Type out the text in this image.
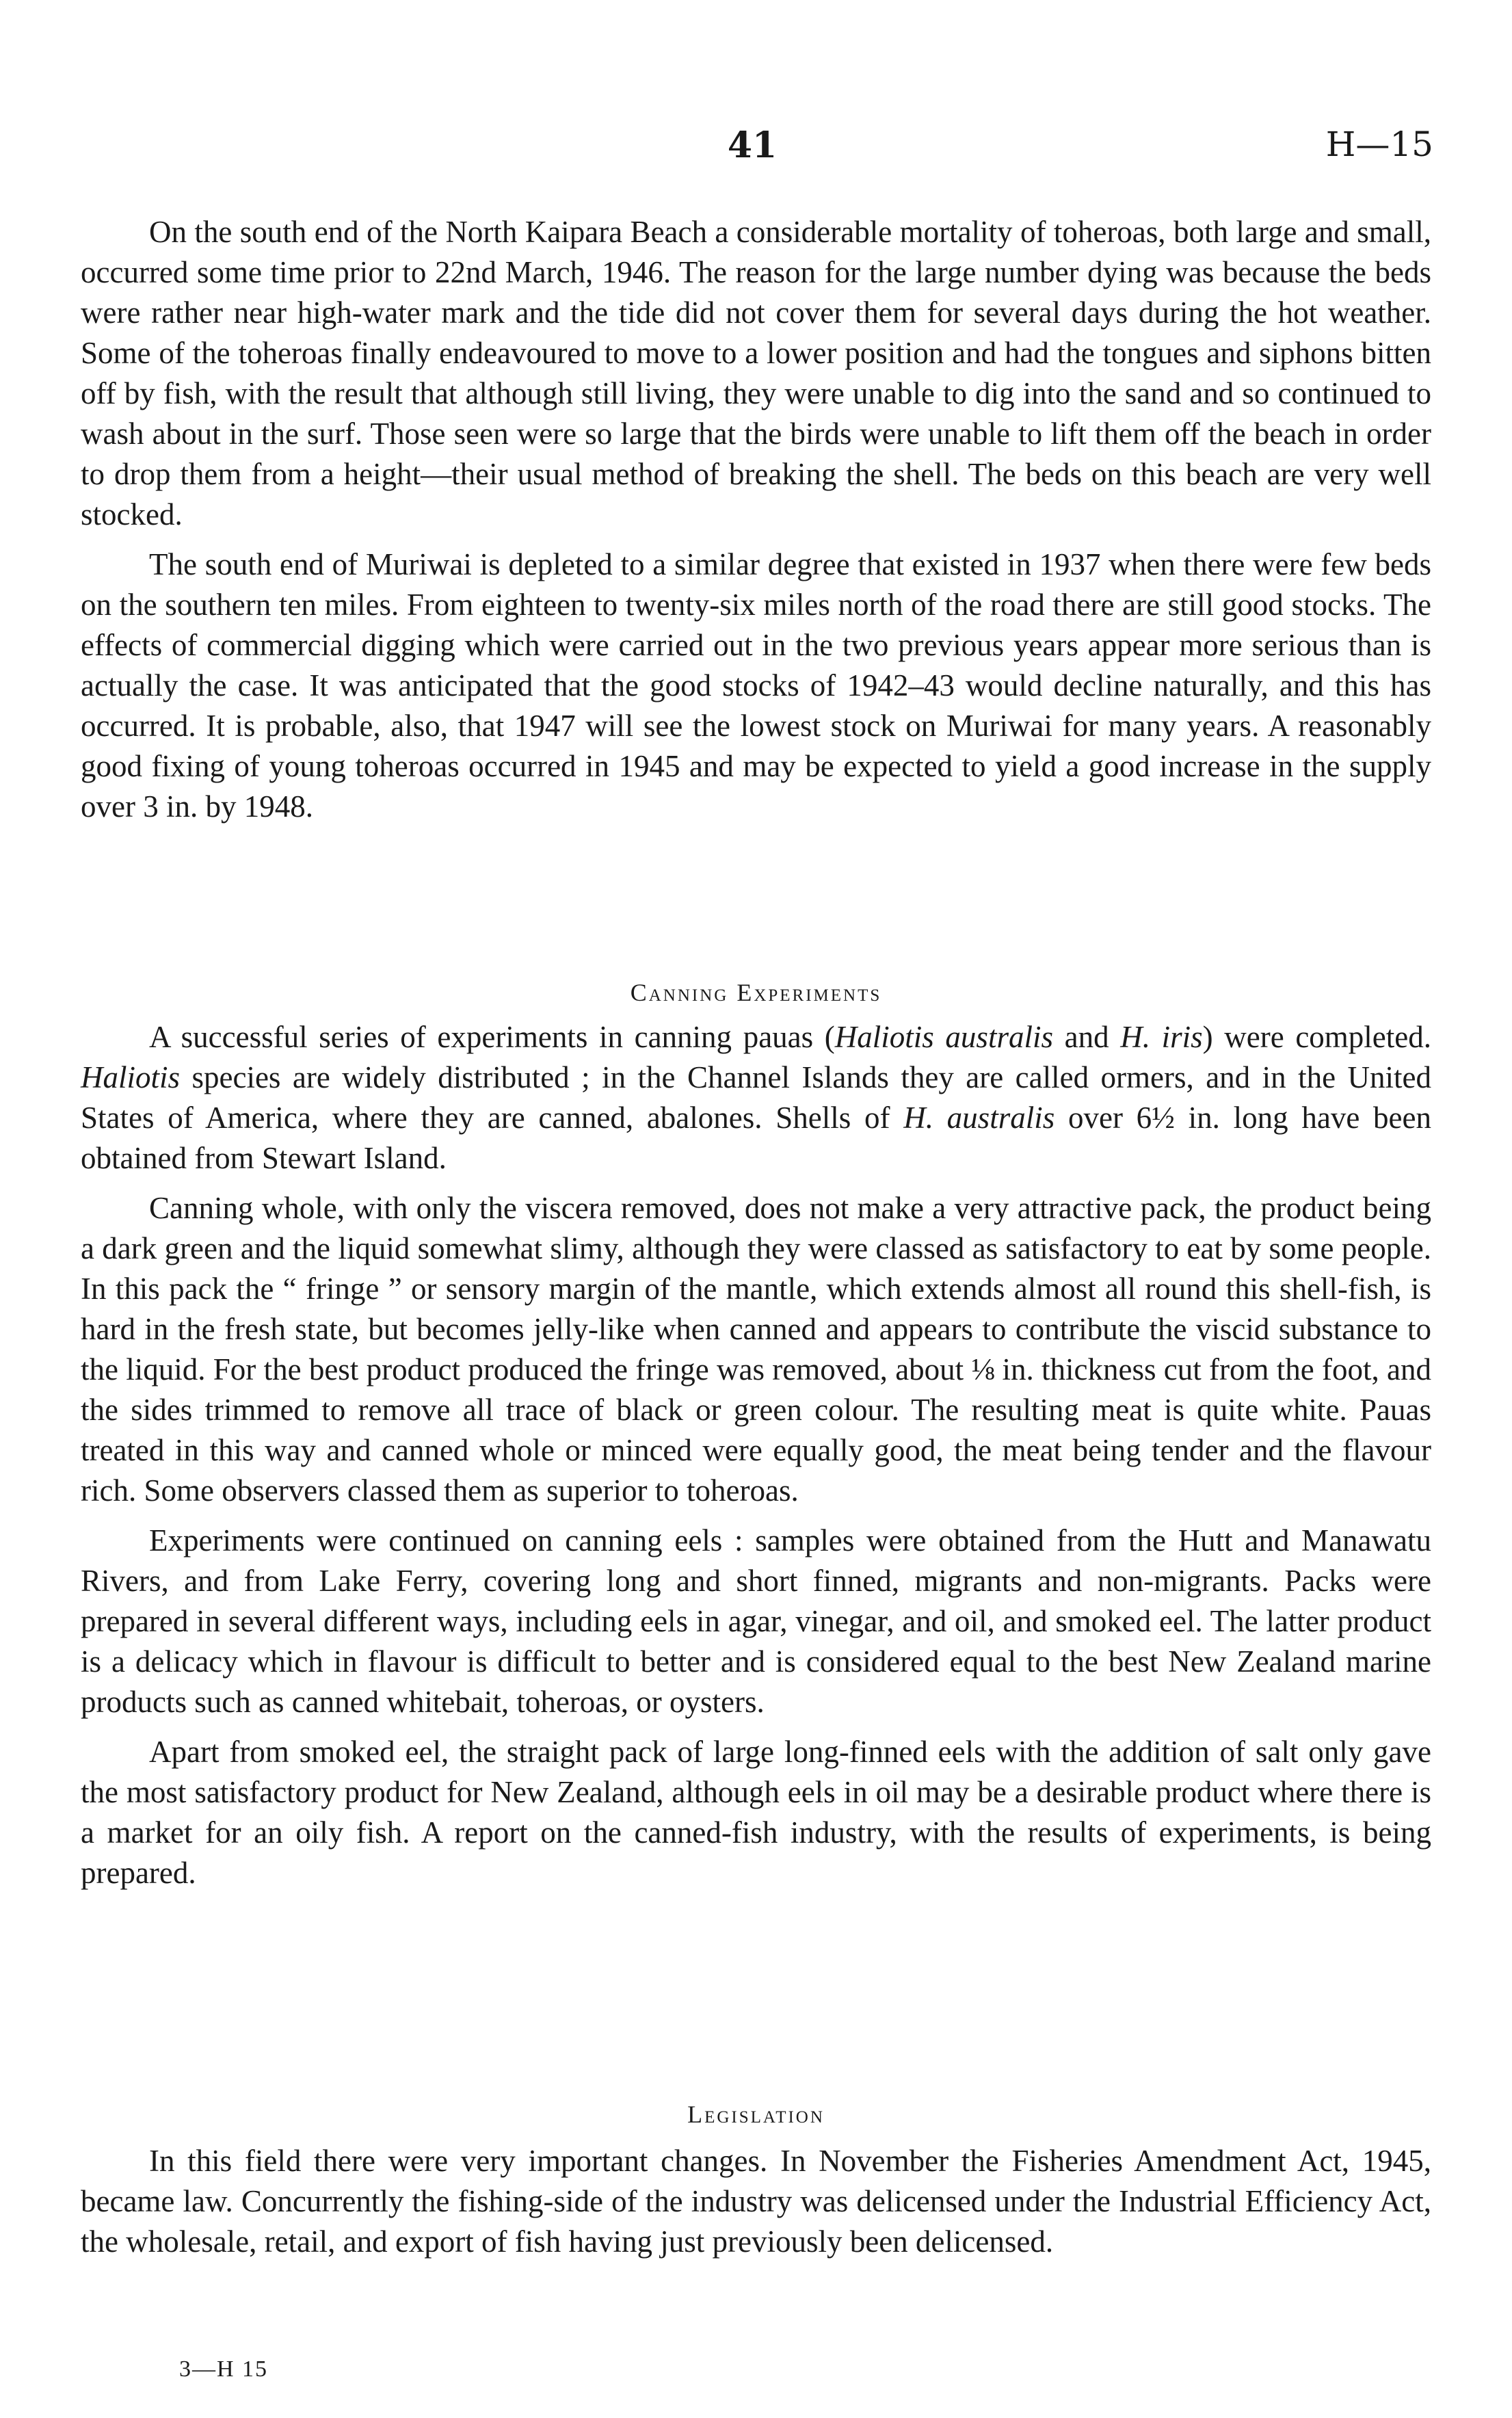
41	H—15

On the south end of the North Kaipara Beach a considerable mortality of toheroas, both large and small, occurred some time prior to 22nd March, 1946. The reason for the large number dying was because the beds were rather near high-water mark and the tide did not cover them for several days during the hot weather. Some of the toheroas finally endeavoured to move to a lower position and had the tongues and siphons bitten off by fish, with the result that although still living, they were unable to dig into the sand and so continued to wash about in the surf. Those seen were so large that the birds were unable to lift them off the beach in order to drop them from a height—their usual method of breaking the shell. The beds on this beach are very well stocked.

The south end of Muriwai is depleted to a similar degree that existed in 1937 when there were few beds on the southern ten miles. From eighteen to twenty-six miles north of the road there are still good stocks. The effects of commercial digging which were carried out in the two previous years appear more serious than is actually the case. It was anticipated that the good stocks of 1942–43 would decline naturally, and this has occurred. It is probable, also, that 1947 will see the lowest stock on Muriwai for many years. A reasonably good fixing of young toheroas occurred in 1945 and may be expected to yield a good increase in the supply over 3 in. by 1948.

Canning Experiments

A successful series of experiments in canning pauas (Haliotis australis and H. iris) were completed. Haliotis species are widely distributed ; in the Channel Islands they are called ormers, and in the United States of America, where they are canned, abalones. Shells of H. australis over 6½ in. long have been obtained from Stewart Island.

Canning whole, with only the viscera removed, does not make a very attractive pack, the product being a dark green and the liquid somewhat slimy, although they were classed as satisfactory to eat by some people. In this pack the “ fringe ” or sensory margin of the mantle, which extends almost all round this shell-fish, is hard in the fresh state, but becomes jelly-like when canned and appears to contribute the viscid substance to the liquid. For the best product produced the fringe was removed, about ⅛ in. thickness cut from the foot, and the sides trimmed to remove all trace of black or green colour. The resulting meat is quite white. Pauas treated in this way and canned whole or minced were equally good, the meat being tender and the flavour rich. Some observers classed them as superior to toheroas.

Experiments were continued on canning eels : samples were obtained from the Hutt and Manawatu Rivers, and from Lake Ferry, covering long and short finned, migrants and non-migrants. Packs were prepared in several different ways, including eels in agar, vinegar, and oil, and smoked eel. The latter product is a delicacy which in flavour is difficult to better and is considered equal to the best New Zealand marine products such as canned whitebait, toheroas, or oysters.

Apart from smoked eel, the straight pack of large long-finned eels with the addition of salt only gave the most satisfactory product for New Zealand, although eels in oil may be a desirable product where there is a market for an oily fish. A report on the canned-fish industry, with the results of experiments, is being prepared.

Legislation

In this field there were very important changes. In November the Fisheries Amendment Act, 1945, became law. Concurrently the fishing-side of the industry was delicensed under the Industrial Efficiency Act, the wholesale, retail, and export of fish having just previously been delicensed.

3—H 15
